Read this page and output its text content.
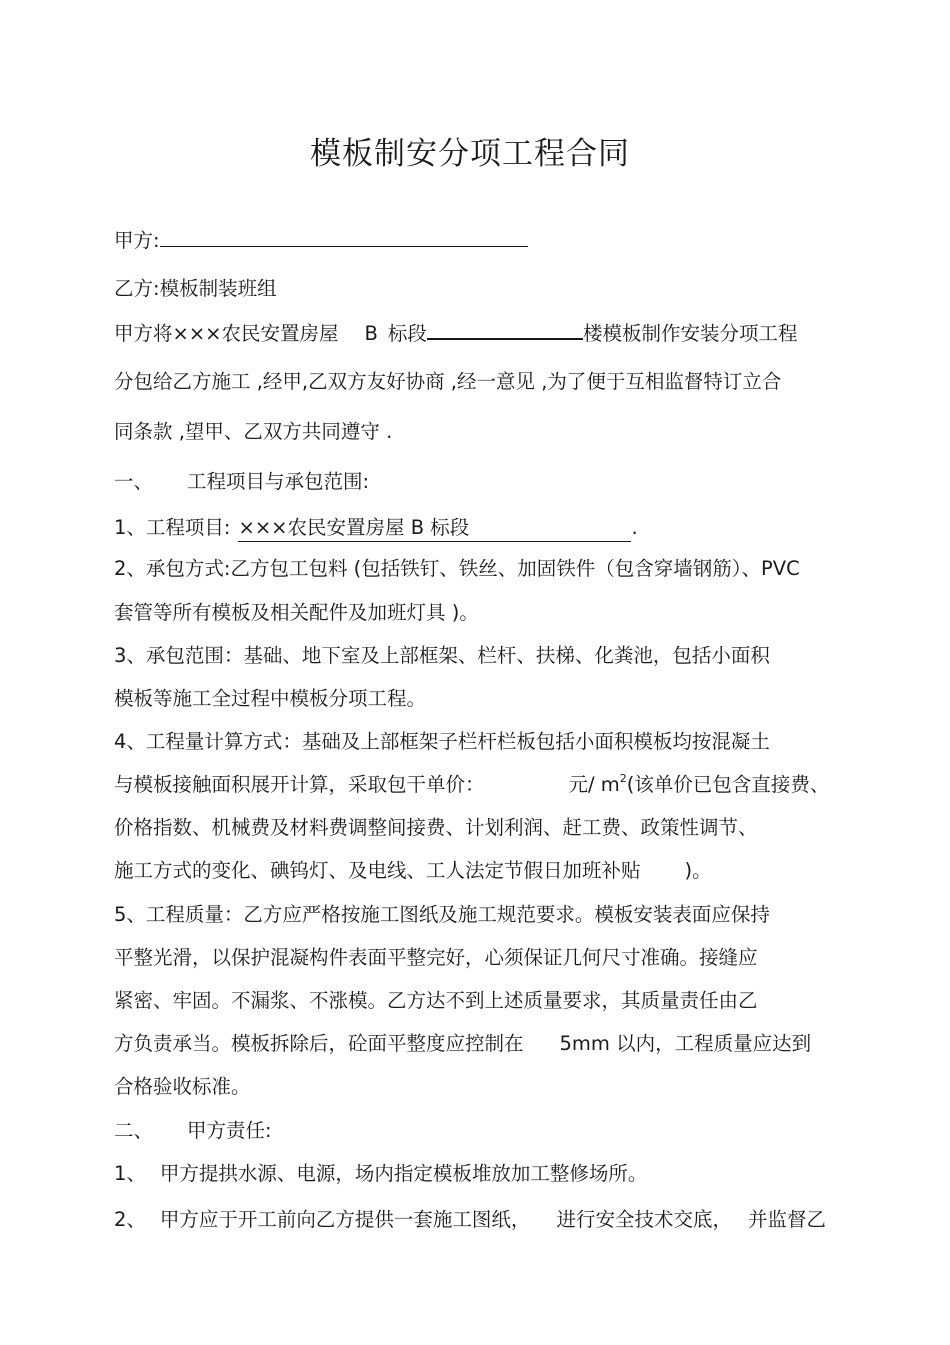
模板制安分项工程合同
甲方:
乙方:模板制装班组
甲方将×××农民安置房屋 B 标段	楼模板制作安装分项工程
分包给乙方施工 ,经甲,乙双方友好协商 ,经一意见 ,为了便于互相监督特订立合
同条款 ,望甲、乙双方共同遵守 .
一、 工程项目与承包范围:
1、工程项目: ×××农民安置房屋 B 标段	.
2、承包方式:乙方包工包料 (包括铁钉、铁丝、加固铁件（包含穿墙钢筋）、PVC
套管等所有模板及相关配件及加班灯具 )。
3、承包范围：基础、地下室及上部框架、栏杆、扶梯、化粪池，包括小面积
模板等施工全过程中模板分项工程。
4、工程量计算方式：基础及上部框架子栏杆栏板包括小面积模板均按混凝土
与模板接触面积展开计算，采取包干单价：	元/ $m^2$(该单价已包含直接费、
价格指数、机械费及材料费调整间接费、计划利润、赶工费、政策性调节、
施工方式的变化、碘钨灯、及电线、工人法定节假日加班补贴 )。
5、工程质量：乙方应严格按施工图纸及施工规范要求。模板安装表面应保持
平整光滑，以保护混凝构件表面平整完好，心须保证几何尺寸准确。接缝应
紧密、牢固。不漏浆、不涨模。乙方达不到上述质量要求，其质量责任由乙
方负责承当。模板拆除后，砼面平整度应控制在 5mm 以内，工程质量应达到
合格验收标准。
二、 甲方责任:
1、 甲方提拱水源、电源，场内指定模板堆放加工整修场所。
2、 甲方应于开工前向乙方提供一套施工图纸， 进行安全技术交底， 并监督乙
